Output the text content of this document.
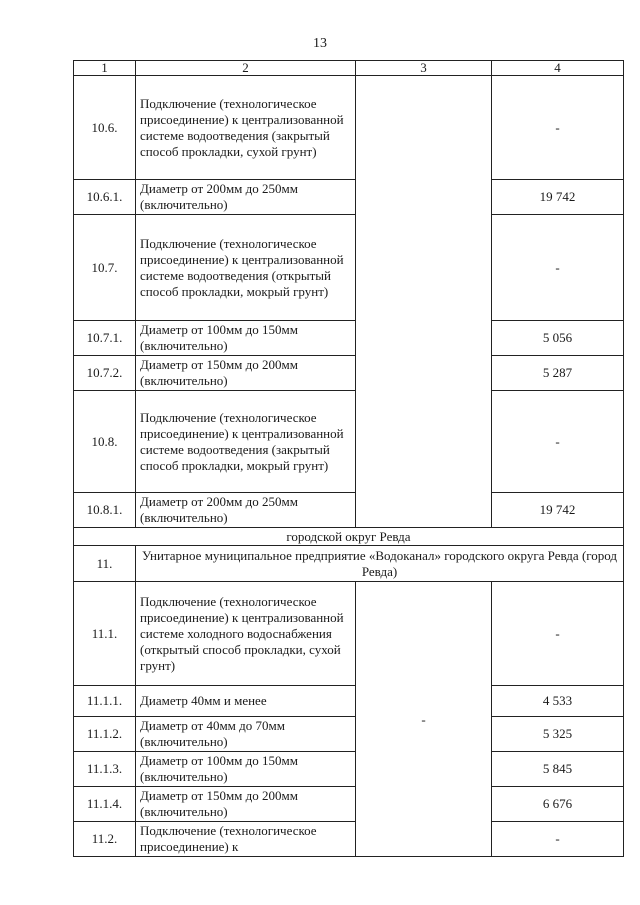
13
1	2	3	4
10.6.	Подключение (технологическое присоединение) к централизованной системе водоотведения (закрытый способ прокладки, сухой грунт)		-
10.6.1.	Диаметр от 200мм до 250мм (включительно)		19 742
10.7.	Подключение (технологическое присоединение) к централизованной системе водоотведения (открытый способ прокладки, мокрый грунт)		-
10.7.1.	Диаметр от 100мм до 150мм (включительно)		5 056
10.7.2.	Диаметр от 150мм до 200мм (включительно)		5 287
10.8.	Подключение (технологическое присоединение) к централизованной системе водоотведения (закрытый способ прокладки, мокрый грунт)		-
10.8.1.	Диаметр от 200мм до 250мм (включительно)		19 742
городской округ Ревда			
11.	Унитарное муниципальное предприятие «Водоканал» городского округа Ревда (город Ревда)		
11.1.	Подключение (технологическое присоединение) к централизованной системе холодного водоснабжения (открытый способ прокладки, сухой грунт)	-	-
11.1.1.	Диаметр 40мм и менее		4 533
11.1.2.	Диаметр от 40мм до 70мм (включительно)		5 325
11.1.3.	Диаметр от 100мм до 150мм (включительно)		5 845
11.1.4.	Диаметр от 150мм до 200мм (включительно)		6 676
11.2.	Подключение (технологическое присоединение) к		-
